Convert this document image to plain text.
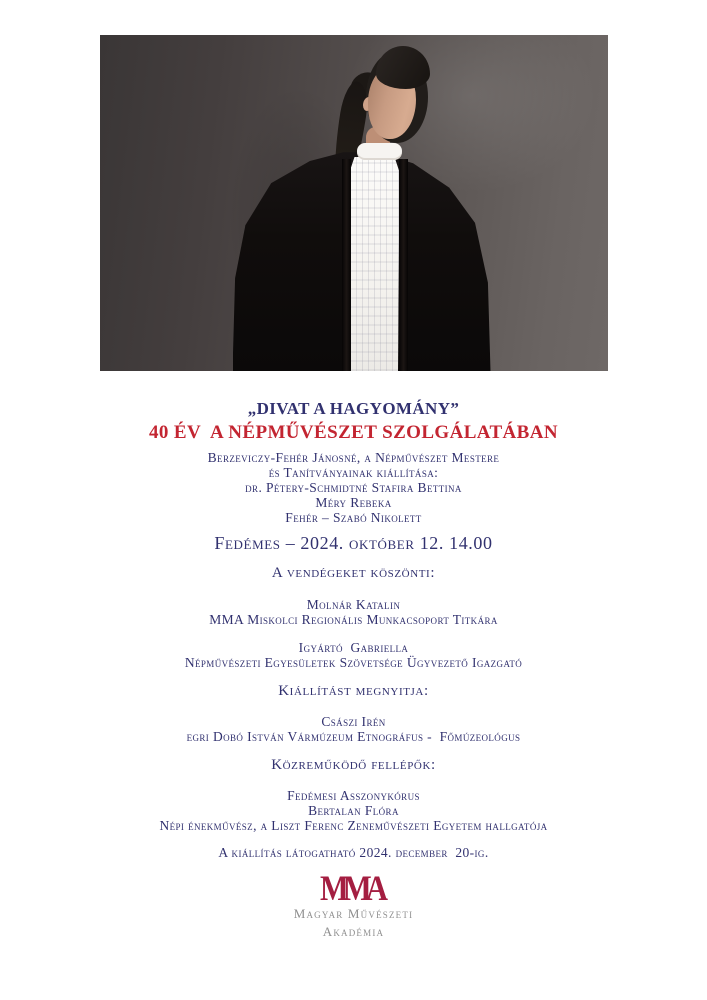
„DIVAT A HAGYOMÁNY”
40 ÉV  A NÉPMŰVÉSZET SZOLGÁLATÁBAN
Berzeviczy-Fehér Jánosné, a Népművészet Mestere
és Tanítványainak kiállítása:
dr. Pétery-Schmidtné Stafira Bettina
Méry Rebeka
Fehér – Szabó Nikolett
Fedémes – 2024. október 12. 14.00
A vendégeket köszönti:
Molnár Katalin
MMA Miskolci Regionális Munkacsoport Titkára
Igyártó  Gabriella
Népművészeti Egyesületek Szövetsége Ügyvezető Igazgató
Kiállítást megnyitja:
Császi Irén
egri Dobó István Vármúzeum Etnográfus -  Főmúzeológus
Közreműködő fellépők:
Fedémesi Asszonykórus
Bertalan Flóra
Népi énekművész, a Liszt Ferenc Zeneművészeti Egyetem hallgatója
A kiállítás látogatható 2024. december  20-ig.
MMA
Magyar Művészeti
Akadémia
